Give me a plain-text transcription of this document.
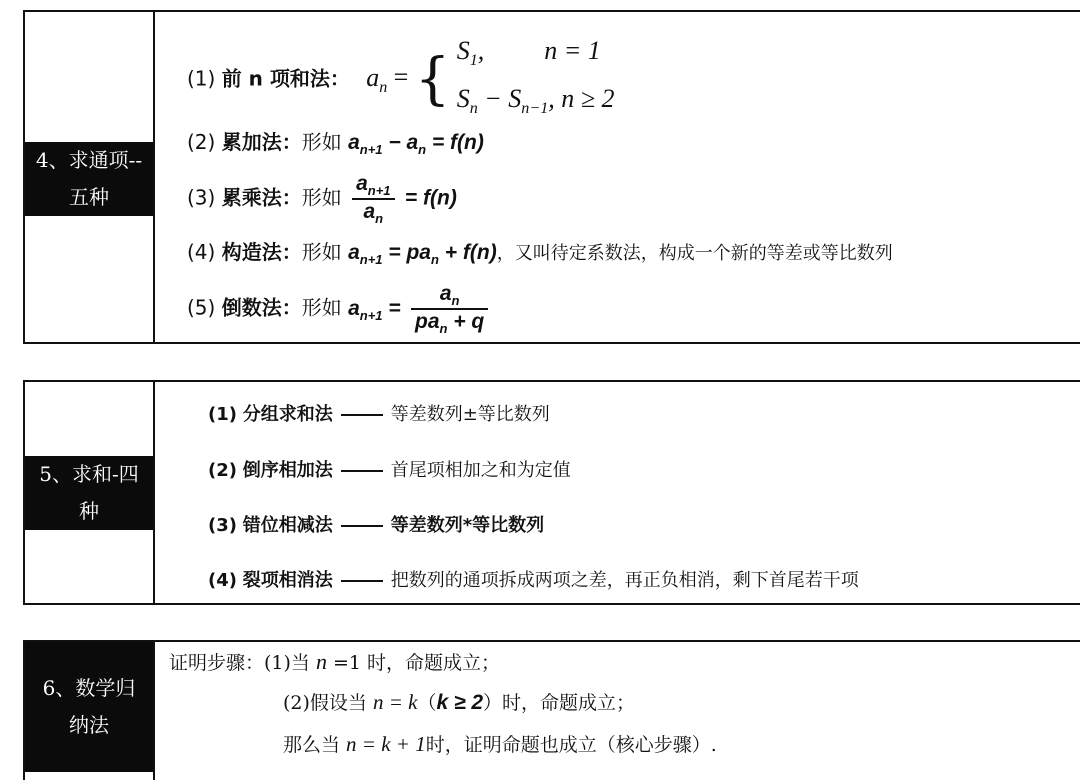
4、求通项--
五种
(1) 前 n 项和法： $a_n$ = { $S_1$, n = 1
$S_n - S_{n-1}$, n ≥ 2
(2) 累加法：形如 $a_{n+1} - a_n = f(n)$
(3) 累乘法：形如 $\frac{a_{n+1}}{a_n} = f(n)$
(4) 构造法：形如 $a_{n+1} = pa_n + f(n)$，又叫待定系数法，构成一个新的等差或等比数列
(5) 倒数法：形如 $a_{n+1} = \frac{a_n}{pa_n + q}$
5、求和-四
种
(1) 分组求和法	等差数列±等比数列
(2) 倒序相加法	首尾项相加之和为定值
(3) 错位相减法	等差数列*等比数列
(4) 裂项相消法	把数列的通项拆成两项之差，再正负相消，剩下首尾若干项
6、数学归
纳法
证明步骤：(1)当 n =1 时，命题成立；
(2)假设当 n = k（k ≥ 2）时，命题成立；
那么当 n = k + 1时，证明命题也成立（核心步骤）.
